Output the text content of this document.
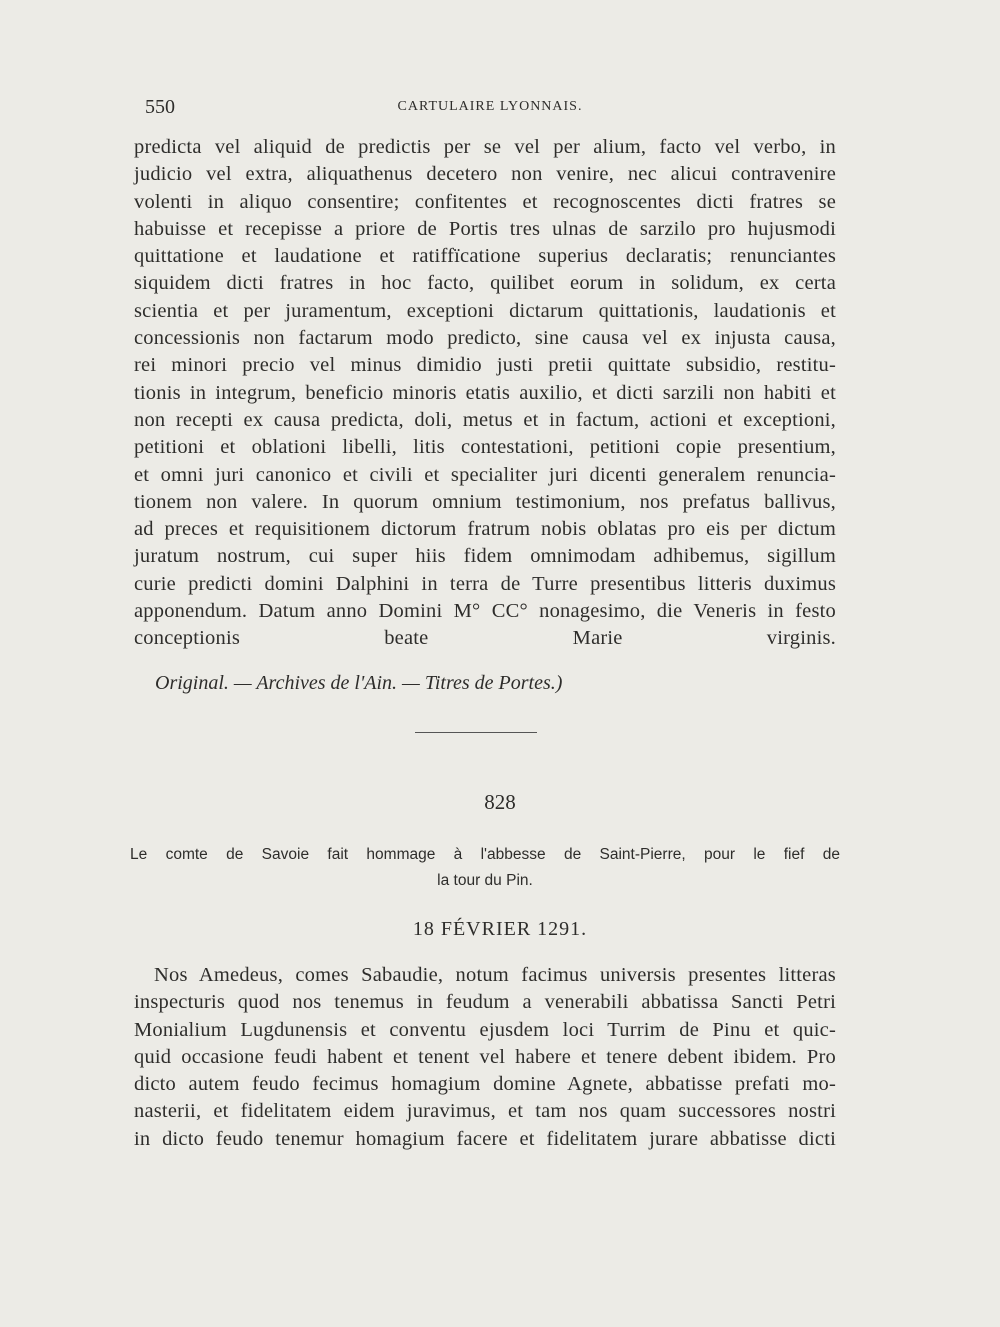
550	CARTULAIRE LYONNAIS.
predicta vel aliquid de predictis per se vel per alium, facto vel verbo, in
judicio vel extra, aliquathenus decetero non venire, nec alicui contravenire
volenti in aliquo consentire; confitentes et recognoscentes dicti fratres se
habuisse et recepisse a priore de Portis tres ulnas de sarzilo pro hujusmodi
quittatione et laudatione et ratiffïcatione superius declaratis; renunciantes
siquidem dicti fratres in hoc facto, quilibet eorum in solidum, ex certa
scientia et per juramentum, exceptioni dictarum quittationis, laudationis et
concessionis non factarum modo predicto, sine causa vel ex injusta causa,
rei minori precio vel minus dimidio justi pretii quittate subsidio, restitu-
tionis in integrum, beneficio minoris etatis auxilio, et dicti sarzili non habiti et
non recepti ex causa predicta, doli, metus et in factum, actioni et exceptioni,
petitioni et oblationi libelli, litis contestationi, petitioni copie presentium,
et omni juri canonico et civili et specialiter juri dicenti generalem renuncia-
tionem non valere. In quorum omnium testimonium, nos prefatus ballivus,
ad preces et requisitionem dictorum fratrum nobis oblatas pro eis per dictum
juratum nostrum, cui super hiis fidem omnimodam adhibemus, sigillum
curie predicti domini Dalphini in terra de Turre presentibus litteris duximus
apponendum. Datum anno Domini M° CC° nonagesimo, die Veneris in festo
conceptionis beate Marie virginis.
Original. — Archives de l'Ain. — Titres de Portes.)
828
Le comte de Savoie fait hommage à l'abbesse de Saint-Pierre, pour le fief de
la tour du Pin.
18 FÉVRIER 1291.
Nos Amedeus, comes Sabaudie, notum facimus universis presentes litteras
inspecturis quod nos tenemus in feudum a venerabili abbatissa Sancti Petri
Monialium Lugdunensis et conventu ejusdem loci Turrim de Pinu et quic-
quid occasione feudi habent et tenent vel habere et tenere debent ibidem. Pro
dicto autem feudo fecimus homagium domine Agnete, abbatisse prefati mo-
nasterii, et fidelitatem eidem juravimus, et tam nos quam successores nostri
in dicto feudo tenemur homagium facere et fidelitatem jurare abbatisse dicti
